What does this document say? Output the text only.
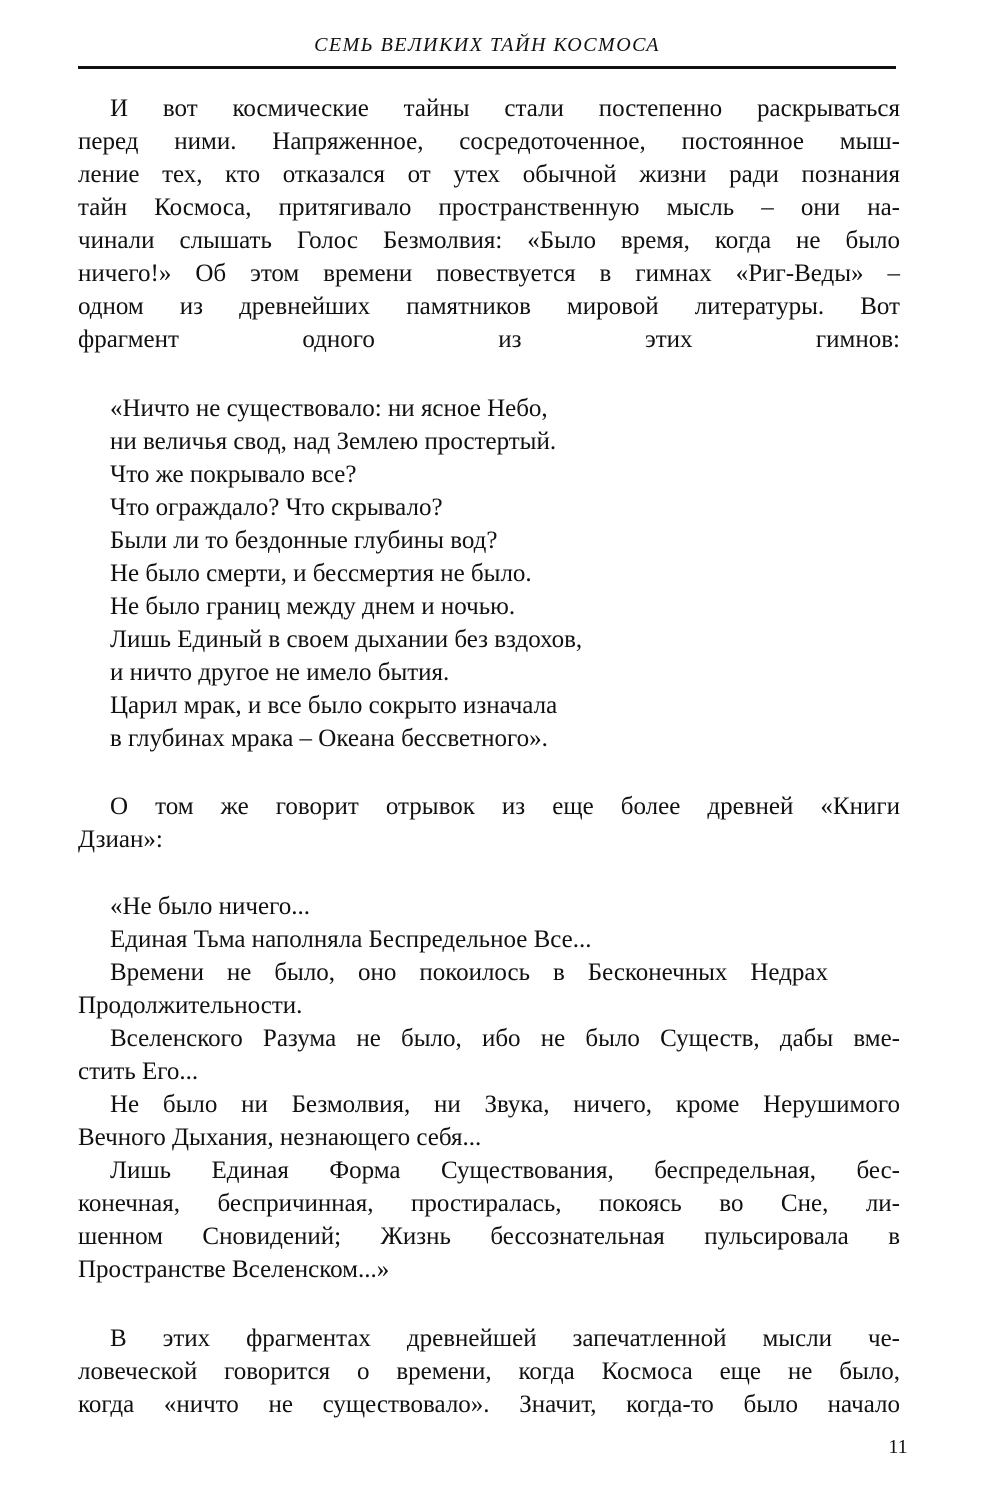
СЕМЬ ВЕЛИКИХ ТАЙН КОСМОСА
И вот космические тайны стали постепенно раскрываться
перед ними. Напряженное, сосредоточенное, постоянное мыш-
ление тех, кто отказался от утех обычной жизни ради познания
тайн Космоса, притягивало пространственную мысль – они на-
чинали слышать Голос Безмолвия: «Было время, когда не было
ничего!» Об этом времени повествуется в гимнах «Риг-Веды» –
одном из древнейших памятников мировой литературы. Вот
фрагмент одного из этих гимнов:
«Ничто не существовало: ни ясное Небо,
ни величья свод, над Землею простертый.
Что же покрывало все?
Что ограждало? Что скрывало?
Были ли то бездонные глубины вод?
Не было смерти, и бессмертия не было.
Не было границ между днем и ночью.
Лишь Единый в своем дыхании без вздохов,
и ничто другое не имело бытия.
Царил мрак, и все было сокрыто изначала
в глубинах мрака – Океана бессветного».
О том же говорит отрывок из еще более древней «Книги
Дзиан»:
«Не было ничего...
Единая Тьма наполняла Беспредельное Все...
Времени не было, оно покоилось в Бесконечных Недрах
Продолжительности.
Вселенского Разума не было, ибо не было Существ, дабы вме-
стить Его...
Не было ни Безмолвия, ни Звука, ничего, кроме Нерушимого
Вечного Дыхания, незнающего себя...
Лишь Единая Форма Существования, беспредельная, бес-
конечная, беспричинная, простиралась, покоясь во Сне, ли-
шенном Сновидений; Жизнь бессознательная пульсировала в
Пространстве Вселенском...»
В этих фрагментах древнейшей запечатленной мысли че-
ловеческой говорится о времени, когда Космоса еще не было,
когда «ничто не существовало». Значит, когда-то было начало
11
